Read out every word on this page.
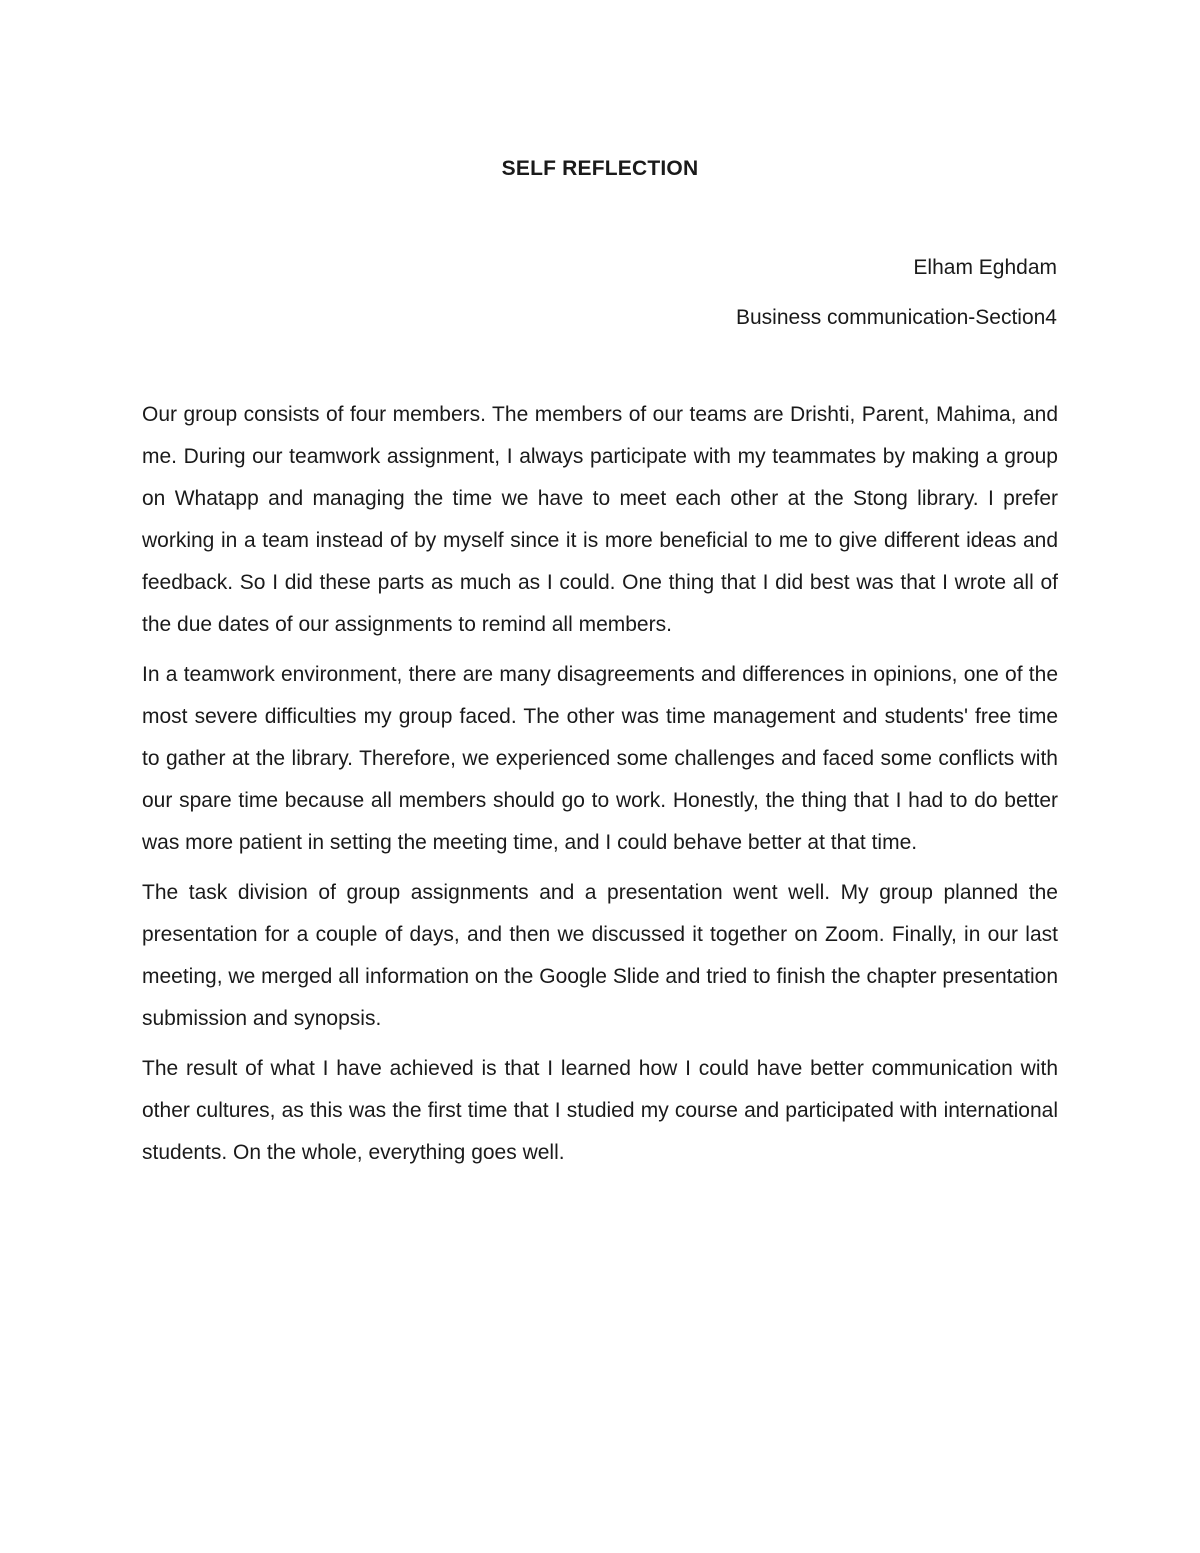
SELF REFLECTION
Elham Eghdam
Business communication-Section4

Our group consists of four members. The members of our teams are Drishti, Parent, Mahima, and me. During our teamwork assignment, I always participate with my teammates by making a group on Whatapp and managing the time we have to meet each other at the Stong library. I prefer working in a team instead of by myself since it is more beneficial to me to give different ideas and feedback. So I did these parts as much as I could. One thing that I did best was that I wrote all of the due dates of our assignments to remind all members.

In a teamwork environment, there are many disagreements and differences in opinions, one of the most severe difficulties my group faced. The other was time management and students' free time to gather at the library. Therefore, we experienced some challenges and faced some conflicts with our spare time because all members should go to work. Honestly, the thing that I had to do better was more patient in setting the meeting time, and I could behave better at that time.

The task division of group assignments and a presentation went well. My group planned the presentation for a couple of days, and then we discussed it together on Zoom. Finally, in our last meeting, we merged all information on the Google Slide and tried to finish the chapter presentation submission and synopsis.

The result of what I have achieved is that I learned how I could have better communication with other cultures, as this was the first time that I studied my course and participated with international students. On the whole, everything goes well.
